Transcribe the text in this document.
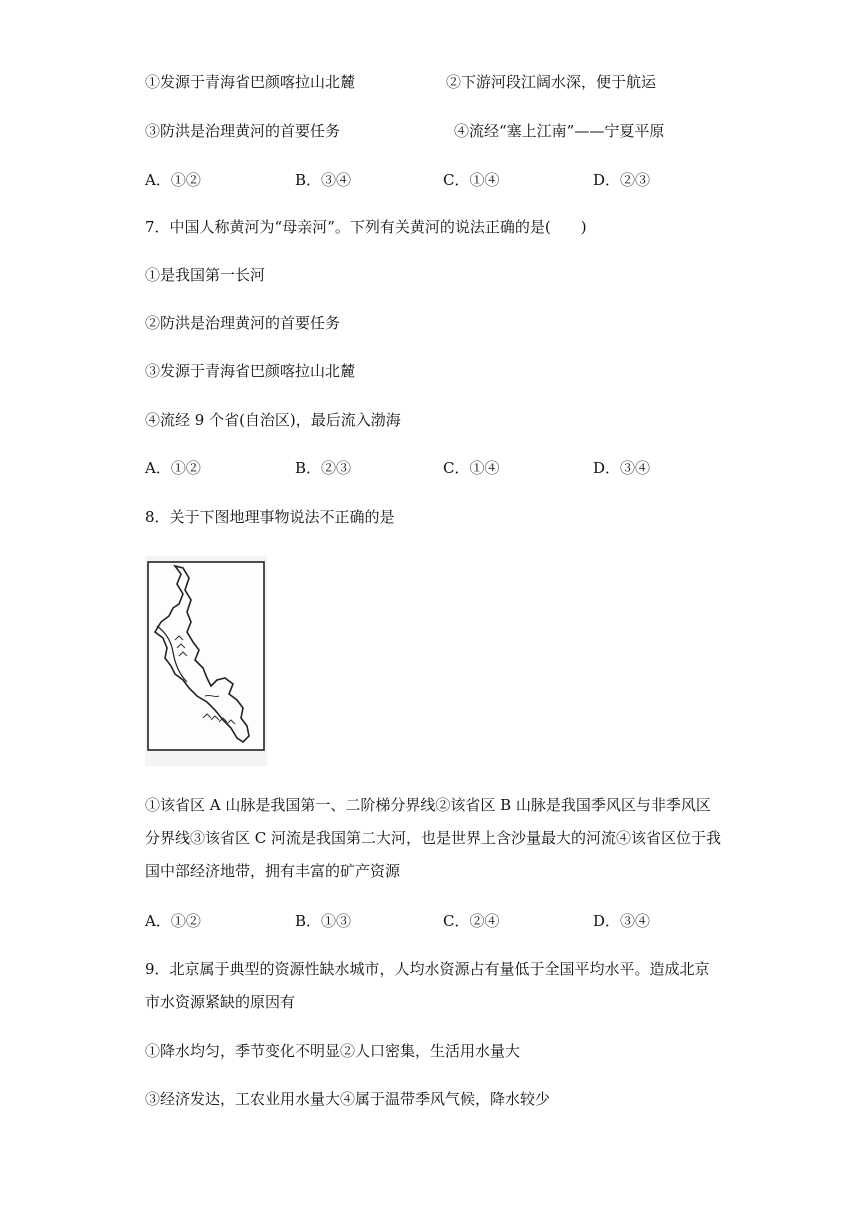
①发源于青海省巴颜喀拉山北麓	②下游河段江阔水深，便于航运
③防洪是治理黄河的首要任务	④流经“塞上江南”——宁夏平原
A．①②	B．③④	C．①④	D．②③
7．中国人称黄河为“母亲河”。下列有关黄河的说法正确的是(　　)
①是我国第一长河
②防洪是治理黄河的首要任务
③发源于青海省巴颜喀拉山北麓
④流经 9 个省(自治区)，最后流入渤海
A．①②	B．②③	C．①④	D．③④
8．关于下图地理事物说法不正确的是
①该省区 A 山脉是我国第一、二阶梯分界线②该省区 B 山脉是我国季风区与非季风区
分界线③该省区 C 河流是我国第二大河，也是世界上含沙量最大的河流④该省区位于我
国中部经济地带，拥有丰富的矿产资源
A．①②	B．①③	C．②④	D．③④
9．北京属于典型的资源性缺水城市，人均水资源占有量低于全国平均水平。造成北京
市水资源紧缺的原因有
①降水均匀，季节变化不明显②人口密集，生活用水量大
③经济发达，工农业用水量大④属于温带季风气候，降水较少
